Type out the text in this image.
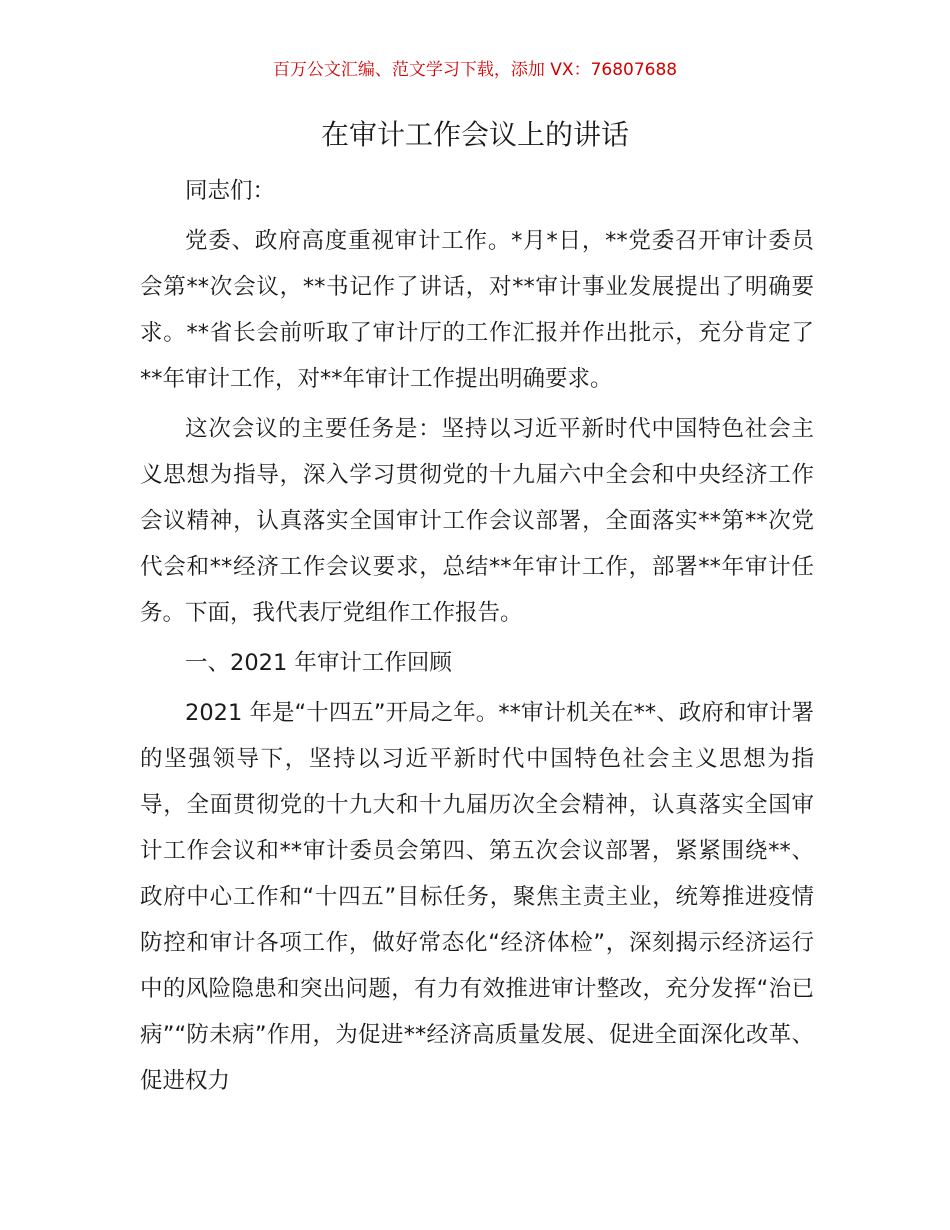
百万公文汇编、范文学习下载，添加 VX：76807688
在审计工作会议上的讲话

同志们：

党委、政府高度重视审计工作。*月*日，**党委召开审计委员会第**次会议，**书记作了讲话，对**审计事业发展提出了明确要求。**省长会前听取了审计厅的工作汇报并作出批示，充分肯定了**年审计工作，对**年审计工作提出明确要求。

这次会议的主要任务是：坚持以习近平新时代中国特色社会主义思想为指导，深入学习贯彻党的十九届六中全会和中央经济工作会议精神，认真落实全国审计工作会议部署，全面落实**第**次党代会和**经济工作会议要求，总结**年审计工作，部署**年审计任务。下面，我代表厅党组作工作报告。

一、2021 年审计工作回顾

2021 年是“十四五”开局之年。**审计机关在**、政府和审计署的坚强领导下，坚持以习近平新时代中国特色社会主义思想为指导，全面贯彻党的十九大和十九届历次全会精神，认真落实全国审计工作会议和**审计委员会第四、第五次会议部署，紧紧围绕**、政府中心工作和“十四五”目标任务，聚焦主责主业，统筹推进疫情防控和审计各项工作，做好常态化“经济体检”，深刻揭示经济运行中的风险隐患和突出问题，有力有效推进审计整改，充分发挥“治已病”“防未病”作用，为促进**经济高质量发展、促进全面深化改革、促进权力
